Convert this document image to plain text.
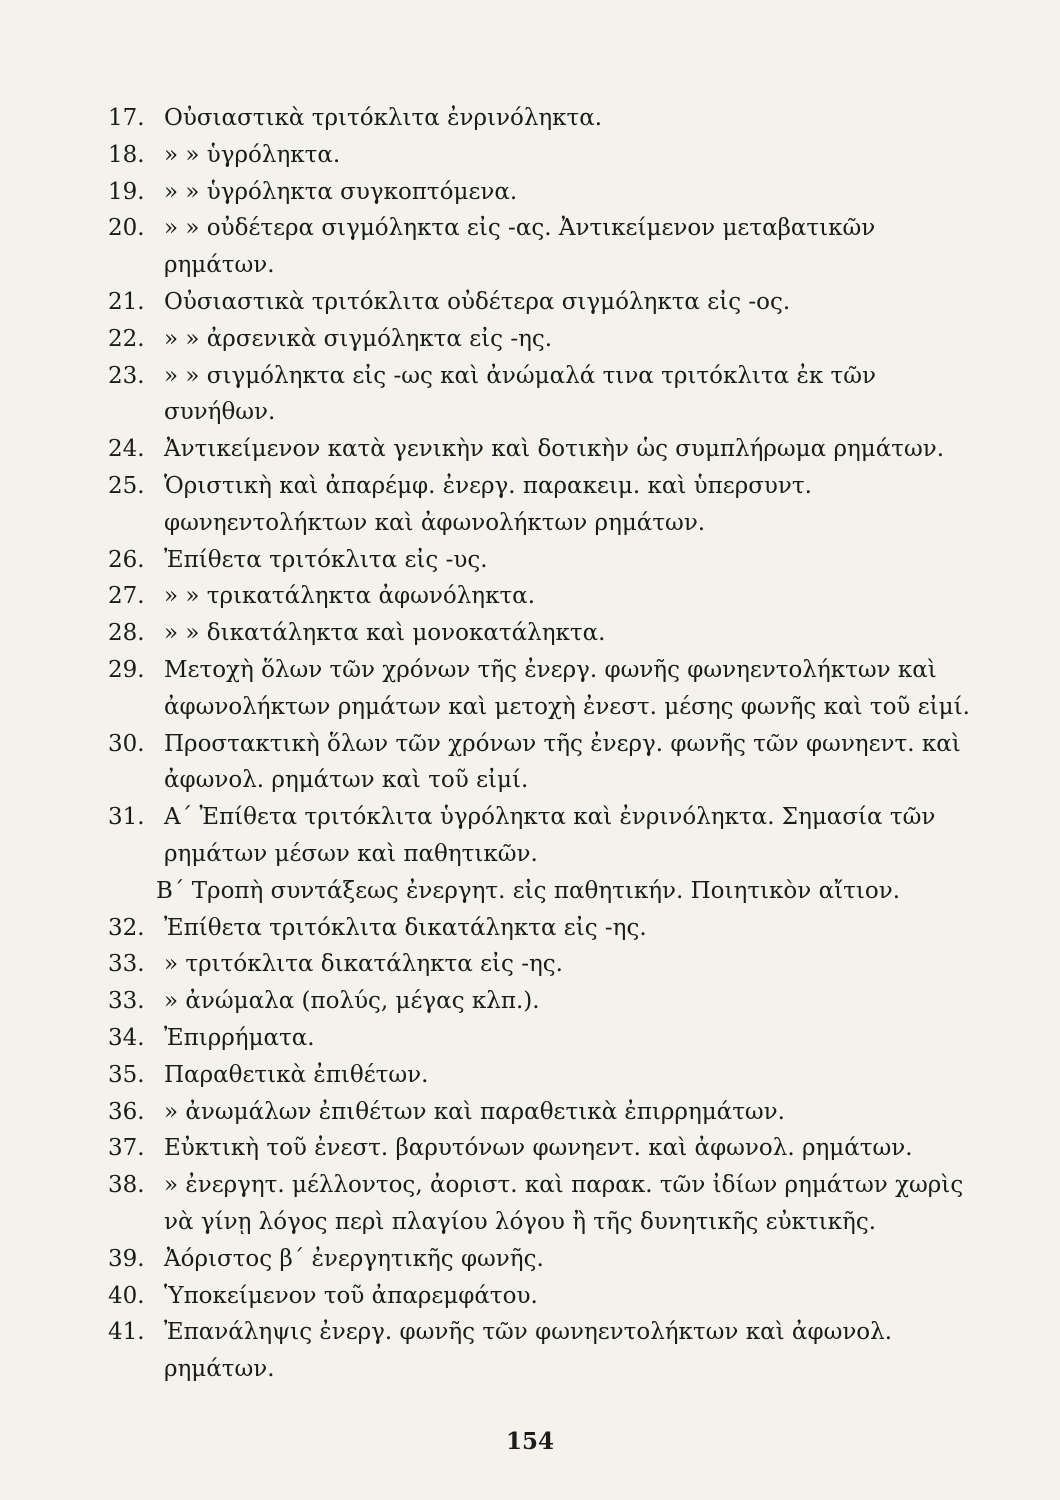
17. Οὐσιαστικὰ τριτόκλιτα ἐνρινόληκτα.
18. » » ὑγρόληκτα.
19. » » ὑγρόληκτα συγκοπτόμενα.
20. » » οὐδέτερα σιγμόληκτα εἰς -ας. Ἀντικείμενον μεταβατικῶν ρημάτων.
21. Οὐσιαστικὰ τριτόκλιτα οὐδέτερα σιγμόληκτα εἰς -ος.
22. » » ἀρσενικὰ σιγμόληκτα εἰς -ης.
23. » » σιγμόληκτα εἰς -ως καὶ ἀνώμαλά τινα τριτόκλιτα ἐκ τῶν συνήθων.
24. Ἀντικείμενον κατὰ γενικὴν καὶ δοτικὴν ὡς συμπλήρωμα ρημάτων.
25. Ὁριστικὴ καὶ ἀπαρέμφ. ἐνεργ. παρακειμ. καὶ ὑπερσυντ. φωνηεντολήκτων καὶ ἀφωνολήκτων ρημάτων.
26. Ἐπίθετα τριτόκλιτα εἰς -υς.
27. » » τρικατάληκτα ἀφωνόληκτα.
28. » » δικατάληκτα καὶ μονοκατάληκτα.
29. Μετοχὴ ὅλων τῶν χρόνων τῆς ἐνεργ. φωνῆς φωνηεντολήκτων καὶ ἀφωνολήκτων ρημάτων καὶ μετοχὴ ἐνεστ. μέσης φωνῆς καὶ τοῦ εἰμί.
30. Προστακτικὴ ὅλων τῶν χρόνων τῆς ἐνεργ. φωνῆς τῶν φωνηεντ. καὶ ἀφωνολ. ρημάτων καὶ τοῦ εἰμί.
31. Α΄ Ἐπίθετα τριτόκλιτα ὑγρόληκτα καὶ ἐνρινόληκτα. Σημασία τῶν ρημάτων μέσων καὶ παθητικῶν.
Β΄ Τροπὴ συντάξεως ἐνεργητ. εἰς παθητικήν. Ποιητικὸν αἴτιον.
32. Ἐπίθετα τριτόκλιτα δικατάληκτα εἰς -ης.
33. » τριτόκλιτα δικατάληκτα εἰς -ης.
33. » ἀνώμαλα (πολύς, μέγας κλπ.).
34. Ἐπιρρήματα.
35. Παραθετικὰ ἐπιθέτων.
36. » ἀνωμάλων ἐπιθέτων καὶ παραθετικὰ ἐπιρρημάτων.
37. Εὐκτικὴ τοῦ ἐνεστ. βαρυτόνων φωνηεντ. καὶ ἀφωνολ. ρημάτων.
38. » ἐνεργητ. μέλλοντος, ἀοριστ. καὶ παρακ. τῶν ἰδίων ρημάτων χωρὶς νὰ γίνῃ λόγος περὶ πλαγίου λόγου ἢ τῆς δυνητικῆς εὐκτικῆς.
39. Ἀόριστος β΄ ἐνεργητικῆς φωνῆς.
40. Ὑποκείμενον τοῦ ἀπαρεμφάτου.
41. Ἐπανάληψις ἐνεργ. φωνῆς τῶν φωνηεντολήκτων καὶ ἀφωνολ. ρημάτων.
154
